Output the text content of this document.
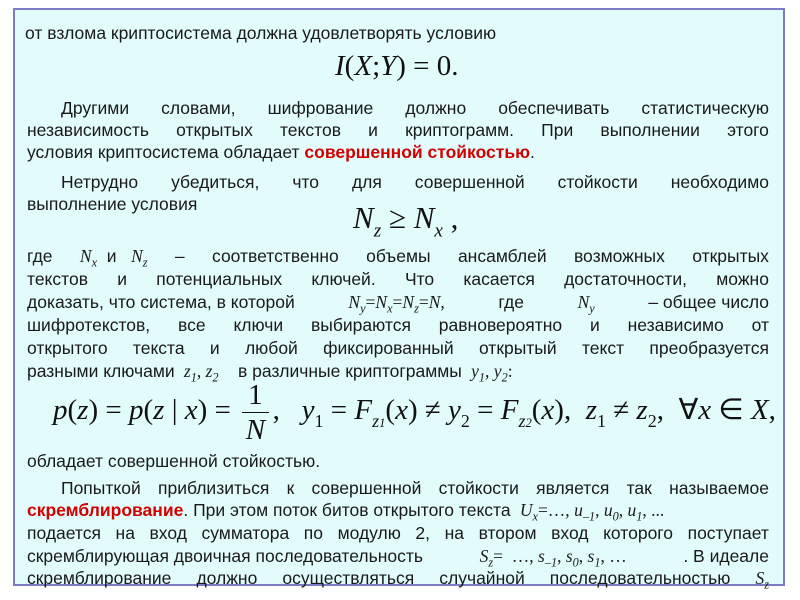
от взлома криптосистема должна удовлетворять условию
I(X;Y) = 0.
Другими словами, шифрование должно обеспечивать статистическую
независимость открытых текстов и криптограмм. При выполнении этого
условия криптосистема обладает совершенной стойкостью.
Нетрудно убедиться, что для совершенной стойкости необходимо
выполнение условия	$N_z \ge N_x$ ,
где $N_x$  и   $N_z$ – соответственно объемы ансамблей возможных открытых
текстов и потенциальных ключей. Что касается достаточности, можно
доказать, что система, в которой	$N_y=N_x=N_z=N$,	где	$N_y$	– общее число
шифротекстов, все ключи выбираются равновероятно и независимо от
открытого текста и любой фиксированный открытый текст преобразуется
разными ключами  $z_1$, $z_2$ в различные криптограммы  $y_1$, $y_2$:
p(z) = p(z | $x) = \frac{1}{N}$ ,   $y_1 = F_{z1}(x) \ne y_2 = F_{z2}(x)$,  $z_1 \ne z_2$,  ∀x ∈ X,
обладает совершенной стойкостью.
Попыткой приблизиться к совершенной стойкости является так называемое
скремблирование. При этом поток битов открытого текста  $U_x=\dots$, $u_{-1}$, $u_0$, $u_1$, ...
подается на вход сумматора по модулю 2, на втором вход которого поступает
скремблирующая двоичная последовательность	$S_z=$  …, $s_{-1}$, $s_0$, $s_1$, …	. В идеале
скремблирование должно осуществляться случайной последовательностью $S_z$
